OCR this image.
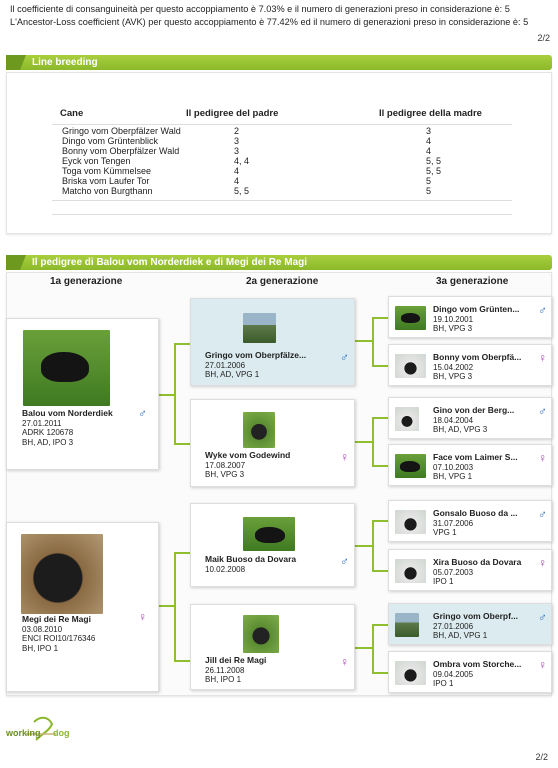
Il coefficiente di consanguineità per questo accoppiamento è 7.03% e il numero di generazioni preso in considerazione è: 5
L'Ancestor-Loss coefficient (AVK) per questo accoppiamento è 77.42% ed il numero di generazioni preso in considerazione è: 5
2/2
Line breeding
Cane	Il pedigree del padre	Il pedigree della madre
Gringo vom Oberpfälzer Wald	2	3
Dingo vom Grüntenblick	3	4
Bonny vom Oberpfälzer Wald	3	4
Eyck von Tengen	4, 4	5, 5
Toga vom Kümmelsee	4	5, 5
Briska vom Laufer Tor	4	5
Matcho von Burgthann	5, 5	5
Il pedigree di Balou vom Norderdiek e di Megi dei Re Magi
1a generazione	2a generazione	3a generazione
Balou vom Norderdiek
27.01.2011
ADRK 120678
BH, AD, IPO 3
♂
Megi dei Re Magi
03.08.2010
ENCI ROI10/176346
BH, IPO 1
♀
Gringo vom Oberpfälze...
27.01.2006
BH, AD, VPG 1
♂
Wyke vom Godewind
17.08.2007
BH, VPG 3
♀
Maik Buoso da Dovara
10.02.2008
♂
Jill dei Re Magi
26.11.2008
BH, IPO 1
♀
Dingo vom Grünten...
19.10.2001
BH, VPG 3
♂
Bonny vom Oberpfä...
15.04.2002
BH, VPG 3
♀
Gino von der Berg...
18.04.2004
BH, AD, VPG 3
♂
Face vom Laimer S...
07.10.2003
BH, VPG 1
♀
Gonsalo Buoso da ...
31.07.2006
VPG 1
♂
Xira Buoso da Dovara
05.07.2003
IPO 1
♀
Gringo vom Oberpf...
27.01.2006
BH, AD, VPG 1
♂
Ombra vom Storche...
09.04.2005
IPO 1
♀
working dog
2/2
